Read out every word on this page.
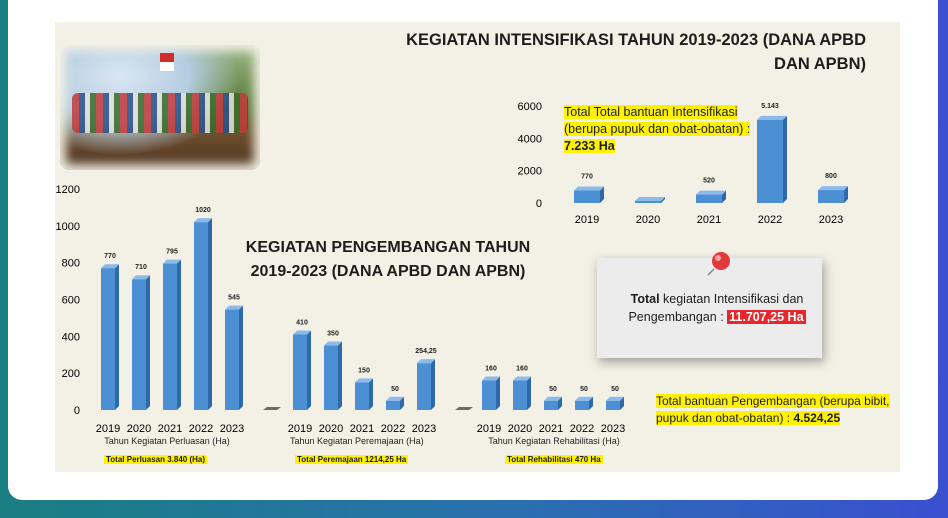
KEGIATAN INTENSIFIKASI TAHUN 2019-2023 (DANA APBD DAN APBN)
KEGIATAN PENGEMBANGAN TAHUN 2019-2023 (DANA APBD DAN APBN)
Total Total bantuan Intensifikasi (berupa pupuk dan obat-obatan) : 7.233 Ha
Total kegiatan Intensifikasi dan Pengembangan : 11.707,25 Ha
Total bantuan Pengembangan (berupa bibit, pupuk dan obat-obatan) : 4.524,25
Tahun Kegiatan Perluasan (Ha)	Tahun Kegiatan Peremajaan (Ha)	Tahun Kegiatan Rehabilitasi (Ha)
Total Perluasan 3.840 (Ha)	Total Peremajaan 1214,25 Ha	Total Rehabilitasi 470 Ha
0
2000
4000
6000
770
2019	2020
520
2021
5.143
2022
800
2023
0
200
400
600
800
1000
1200
770
2019
710
2020
795
2021
1020
2022
545
2023
410
2019
350
2020
150
2021
50
2022
254,25
2023
160
2019
160
2020
50
2021
50
2022
50
2023
